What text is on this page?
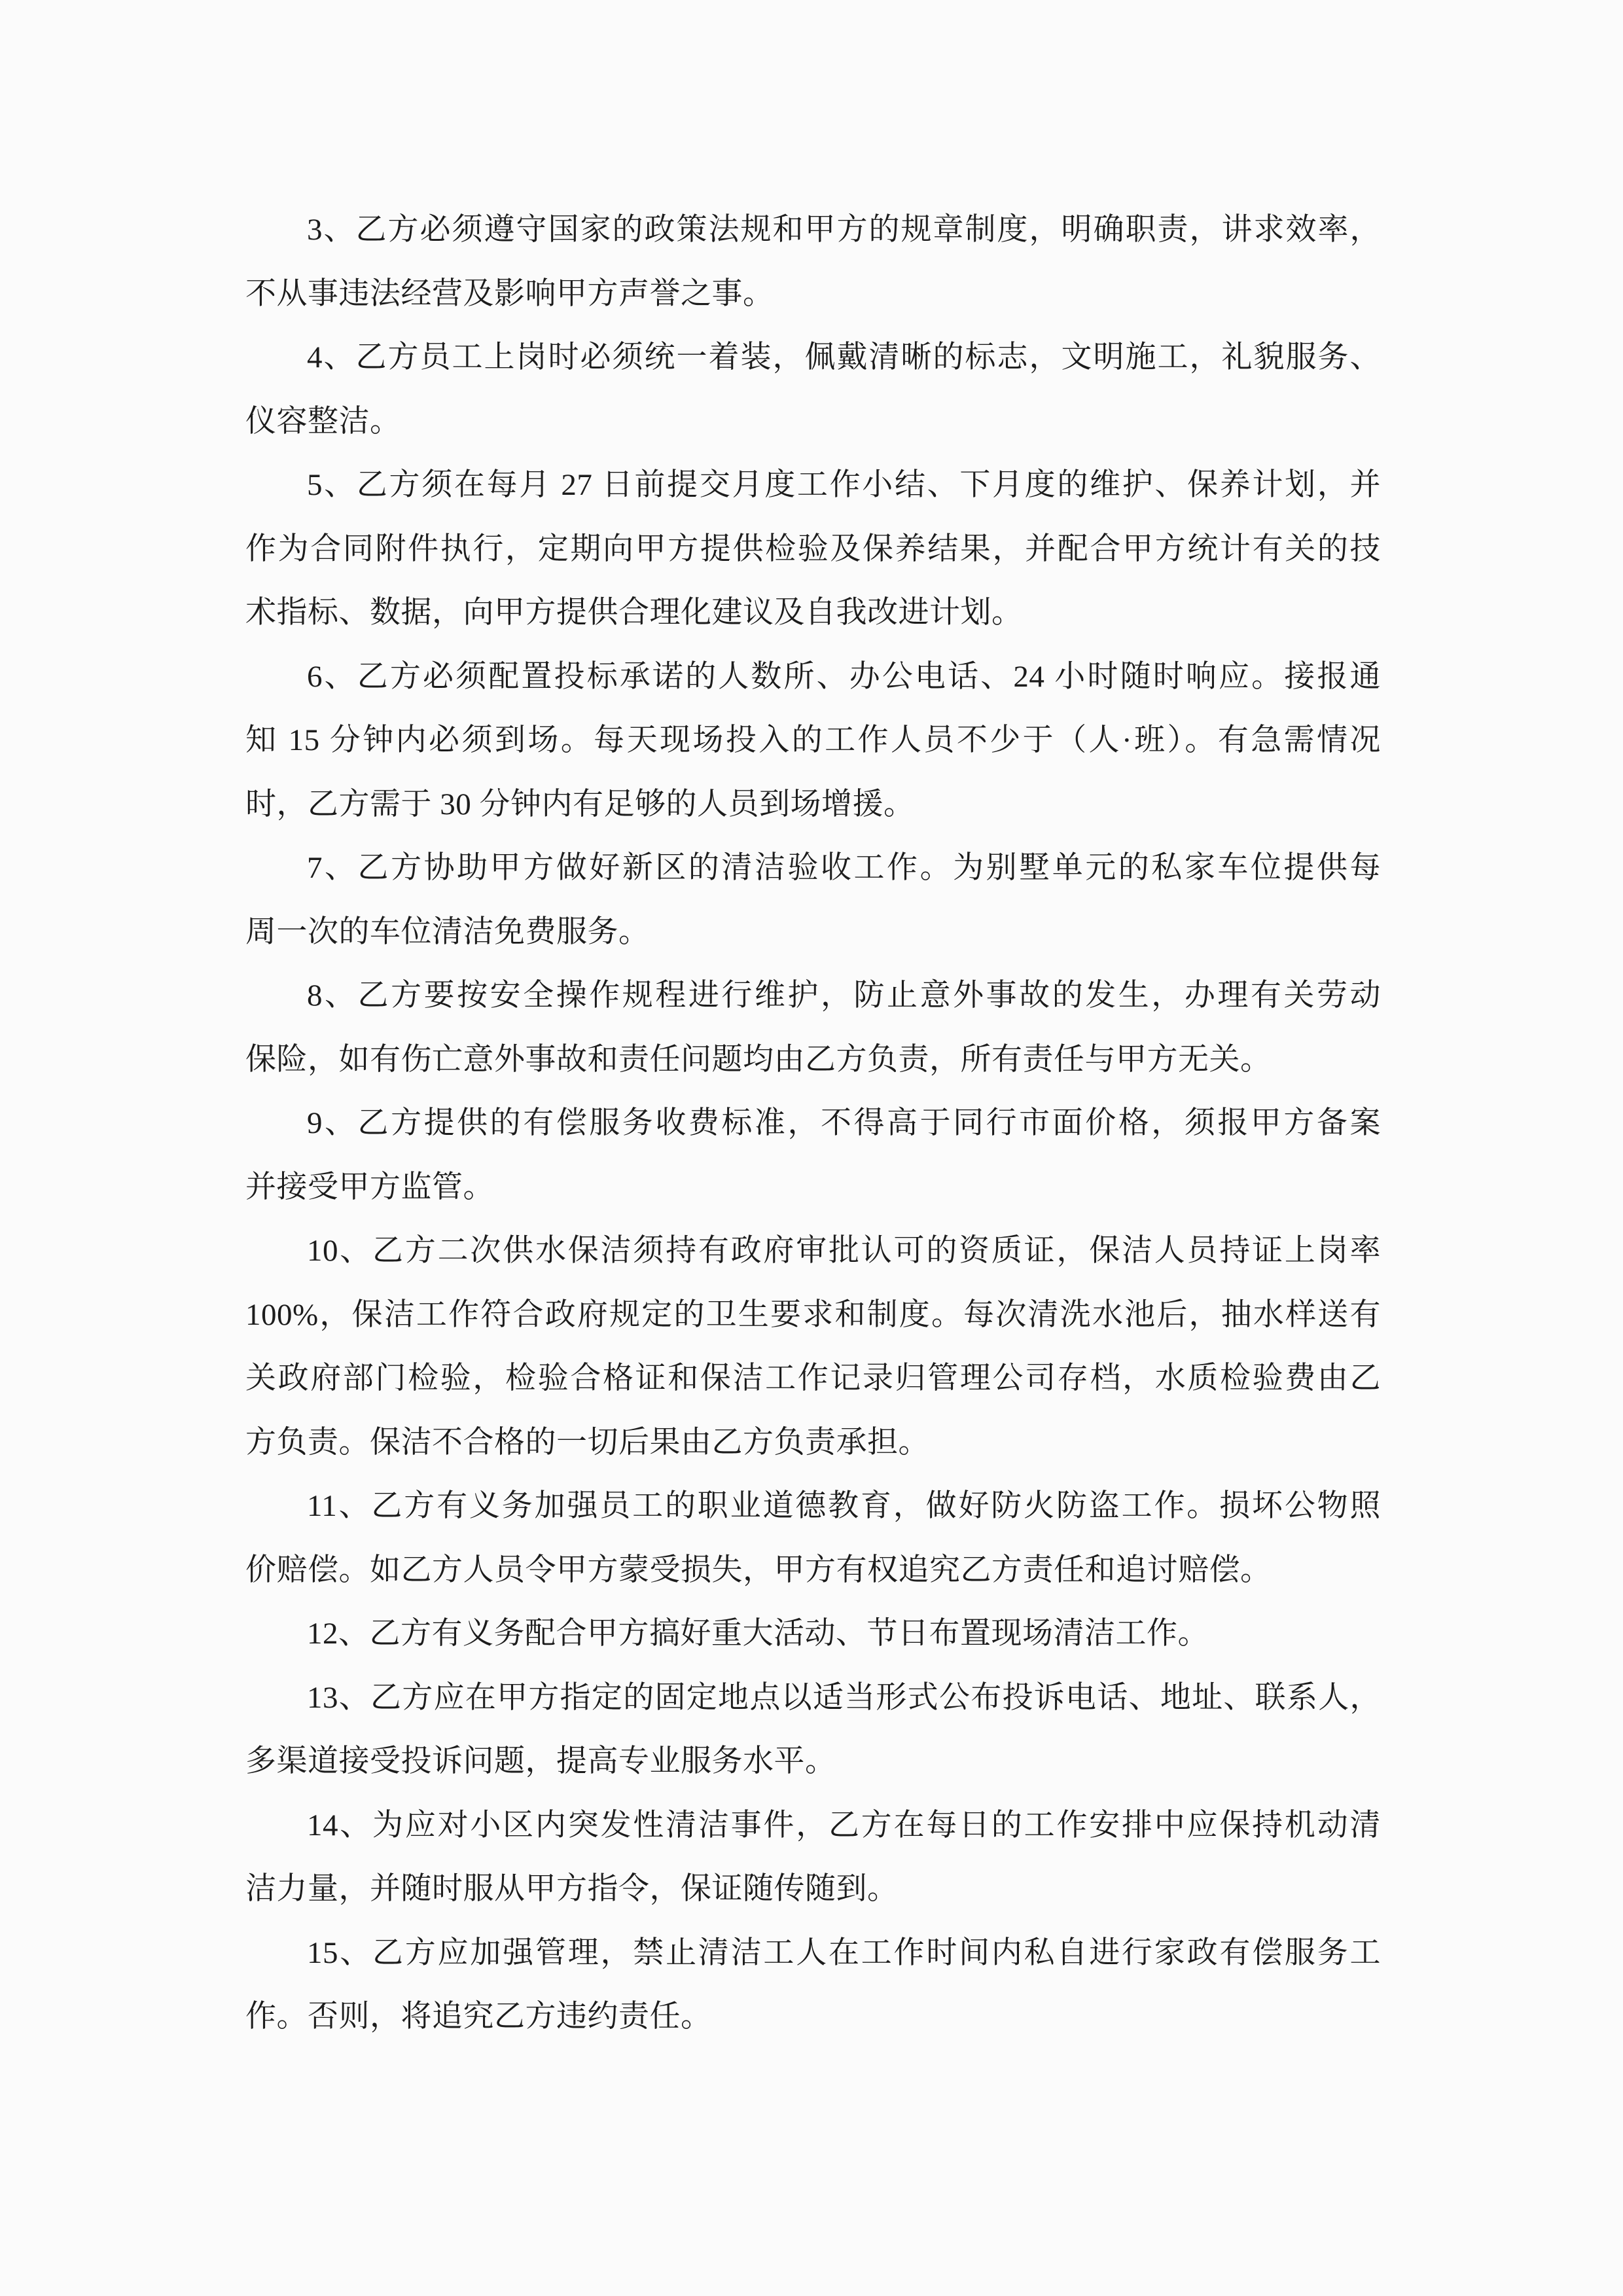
3、乙方必须遵守国家的政策法规和甲方的规章制度，明确职责，讲求效率，

不从事违法经营及影响甲方声誉之事。

4、乙方员工上岗时必须统一着装，佩戴清晰的标志，文明施工，礼貌服务、

仪容整洁。

5、乙方须在每月 27 日前提交月度工作小结、下月度的维护、保养计划，并

作为合同附件执行，定期向甲方提供检验及保养结果，并配合甲方统计有关的技

术指标、数据，向甲方提供合理化建议及自我改进计划。

6、乙方必须配置投标承诺的人数所、办公电话、24 小时随时响应。接报通

知 15 分钟内必须到场。每天现场投入的工作人员不少于（人·班）。有急需情况

时，乙方需于 30 分钟内有足够的人员到场增援。

7、乙方协助甲方做好新区的清洁验收工作。为别墅单元的私家车位提供每

周一次的车位清洁免费服务。

8、乙方要按安全操作规程进行维护，防止意外事故的发生，办理有关劳动

保险，如有伤亡意外事故和责任问题均由乙方负责，所有责任与甲方无关。

9、乙方提供的有偿服务收费标准，不得高于同行市面价格，须报甲方备案

并接受甲方监管。

10、乙方二次供水保洁须持有政府审批认可的资质证，保洁人员持证上岗率

100%，保洁工作符合政府规定的卫生要求和制度。每次清洗水池后，抽水样送有

关政府部门检验，检验合格证和保洁工作记录归管理公司存档，水质检验费由乙

方负责。保洁不合格的一切后果由乙方负责承担。

11、乙方有义务加强员工的职业道德教育，做好防火防盗工作。损坏公物照

价赔偿。如乙方人员令甲方蒙受损失，甲方有权追究乙方责任和追讨赔偿。

12、乙方有义务配合甲方搞好重大活动、节日布置现场清洁工作。

13、乙方应在甲方指定的固定地点以适当形式公布投诉电话、地址、联系人，

多渠道接受投诉问题，提高专业服务水平。

14、为应对小区内突发性清洁事件，乙方在每日的工作安排中应保持机动清

洁力量，并随时服从甲方指令，保证随传随到。

15、乙方应加强管理，禁止清洁工人在工作时间内私自进行家政有偿服务工

作。否则，将追究乙方违约责任。
